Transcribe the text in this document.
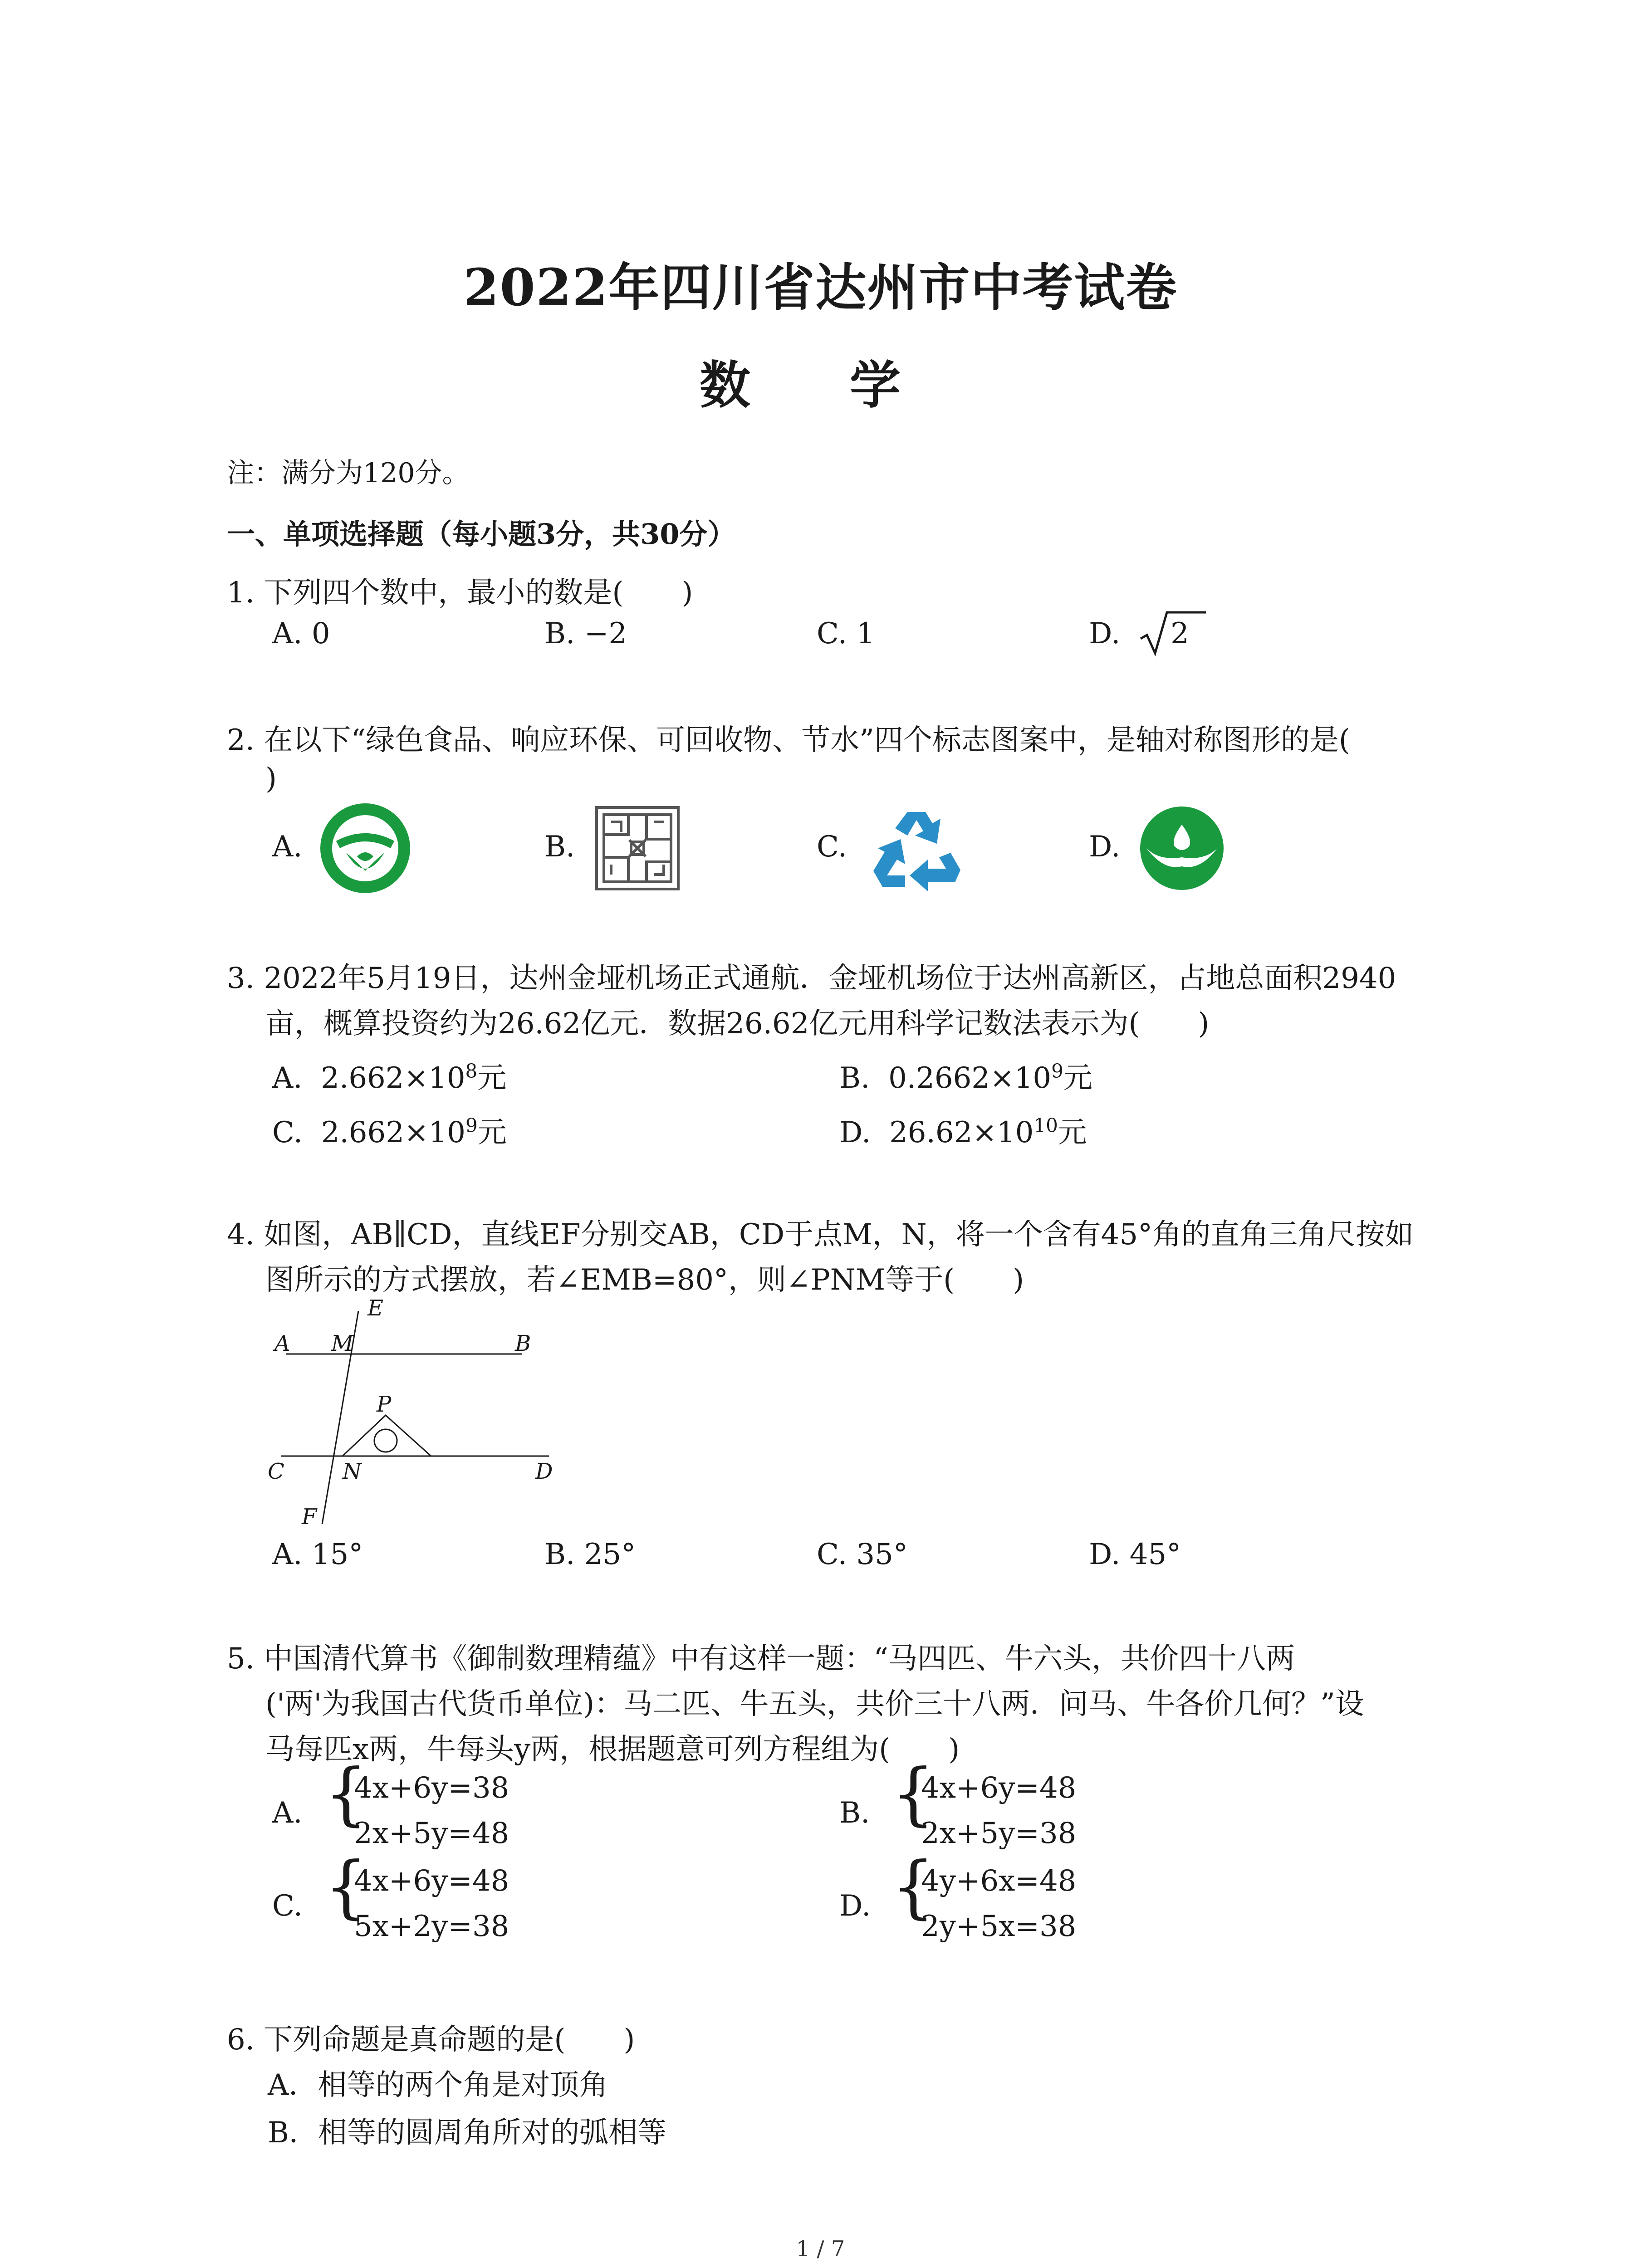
2022年四川省达州市中考试卷
数 学
注：满分为120分。
一、单项选择题（每小题3分，共30分）
1. 下列四个数中，最小的数是(　　)
A. 0	B. −2	C. 1	D. 2
2. 在以下“绿色食品、响应环保、可回收物、节水”四个标志图案中，是轴对称图形的是(
)
A.	B.	C.	D.
3. 2022年5月19日，达州金垭机场正式通航．金垭机场位于达州高新区，占地总面积2940
亩，概算投资约为26.62亿元．数据26.62亿元用科学记数法表示为(　　)
A. $2.662\times 10^8$元	B. $0.2662\times 10^9$元
C. $2.662\times 10^9$元	D. $26.62\times 10^{10}$元
4. 如图，AB∥CD，直线EF分别交AB，CD于点M，N，将一个含有45°角的直角三角尺按如
图所示的方式摆放，若∠EMB=80°，则∠PNM等于(　　)
E
A M	B
P
C	N	D
F
A. 15°	B. 25°	C. 35°	D. 45°
5. 中国清代算书《御制数理精蕴》中有这样一题：“马四匹、牛六头，共价四十八两
('两'为我国古代货币单位)：马二匹、牛五头，共价三十八两．问马、牛各价几何？”设
马每匹x两，牛每头y两，根据题意可列方程组为(　　)
A. {
4x+6y=38
2x+5y=48
B. {
4x+6y=48
2x+5y=38
C. {
4x+6y=48
5x+2y=38
D. {
4y+6x=48
2y+5x=38
6. 下列命题是真命题的是(　　)
A．相等的两个角是对顶角
B．相等的圆周角所对的弧相等
1 / 7
